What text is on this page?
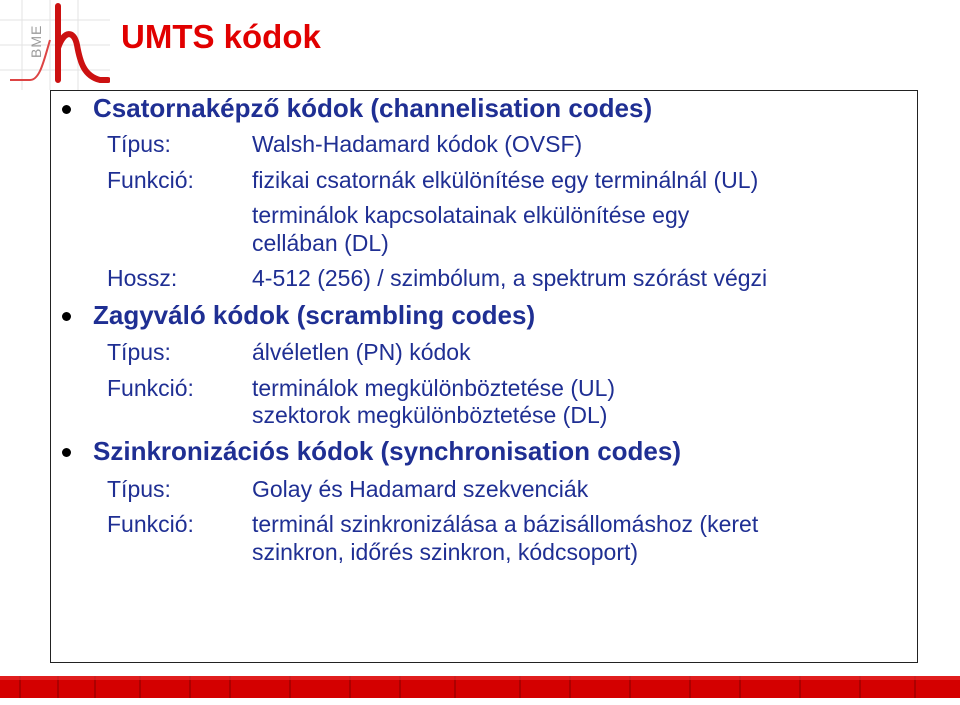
BME UMTS kódok
Csatornaképző kódok (channelisation codes)
Típus:	Walsh-Hadamard kódok (OVSF)
Funkció:	fizikai csatornák elkülönítése egy terminálnál (UL)
terminálok kapcsolatainak elkülönítése egy
cellában (DL)
Hossz:	4-512 (256) / szimbólum, a spektrum szórást végzi
Zagyváló kódok (scrambling codes)
Típus:	álvéletlen (PN) kódok
Funkció:	terminálok megkülönböztetése (UL)
szektorok megkülönböztetése (DL)
Szinkronizációs kódok (synchronisation codes)
Típus:	Golay és Hadamard szekvenciák
Funkció:	terminál szinkronizálása a bázisállomáshoz (keret
szinkron, időrés szinkron, kódcsoport)
